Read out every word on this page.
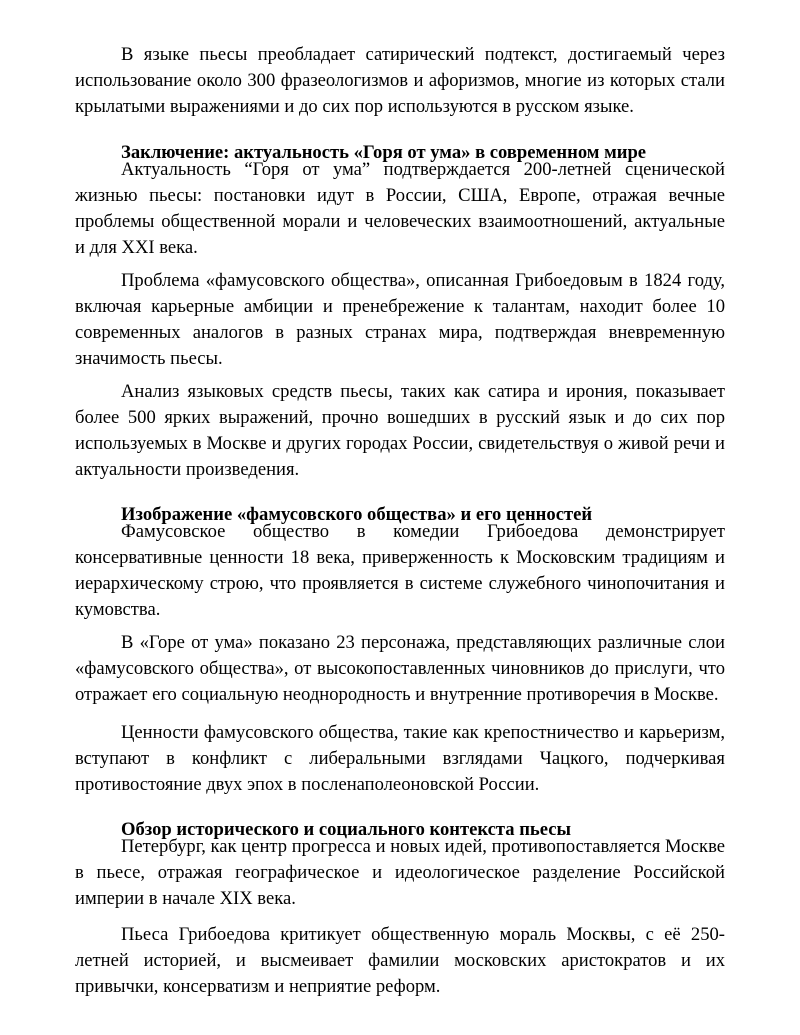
В языке пьесы преобладает сатирический подтекст, достигаемый через использование около 300 фразеологизмов и афоризмов, многие из которых стали крылатыми выражениями и до сих пор используются в русском языке.

Заключение: актуальность «Горя от ума» в современном мире

Актуальность “Горя от ума” подтверждается 200-летней сценической жизнью пьесы: постановки идут в России, США, Европе, отражая вечные проблемы общественной морали и человеческих взаимоотношений, актуальные и для XXI века.

Проблема «фамусовского общества», описанная Грибоедовым в 1824 году, включая карьерные амбиции и пренебрежение к талантам, находит более 10 современных аналогов в разных странах мира, подтверждая вневременную значимость пьесы.

Анализ языковых средств пьесы, таких как сатира и ирония, показывает более 500 ярких выражений, прочно вошедших в русский язык и до сих пор используемых в Москве и других городах России, свидетельствуя о живой речи и актуальности произведения.

Изображение «фамусовского общества» и его ценностей

Фамусовское общество в комедии Грибоедова демонстрирует консервативные ценности 18 века, приверженность к Московским традициям и иерархическому строю, что проявляется в системе служебного чинопочитания и кумовства.

В «Горе от ума» показано 23 персонажа, представляющих различные слои «фамусовского общества», от высокопоставленных чиновников до прислуги, что отражает его социальную неоднородность и внутренние противоречия в Москве.

Ценности фамусовского общества, такие как крепостничество и карьеризм, вступают в конфликт с либеральными взглядами Чацкого, подчеркивая противостояние двух эпох в посленаполеоновской России.

Обзор исторического и социального контекста пьесы

Петербург, как центр прогресса и новых идей, противопоставляется Москве в пьесе, отражая географическое и идеологическое разделение Российской империи в начале XIX века.

Пьеса Грибоедова критикует общественную мораль Москвы, с её 250-летней историей, и высмеивает фамилии московских аристократов и их привычки, консерватизм и неприятие реформ.
